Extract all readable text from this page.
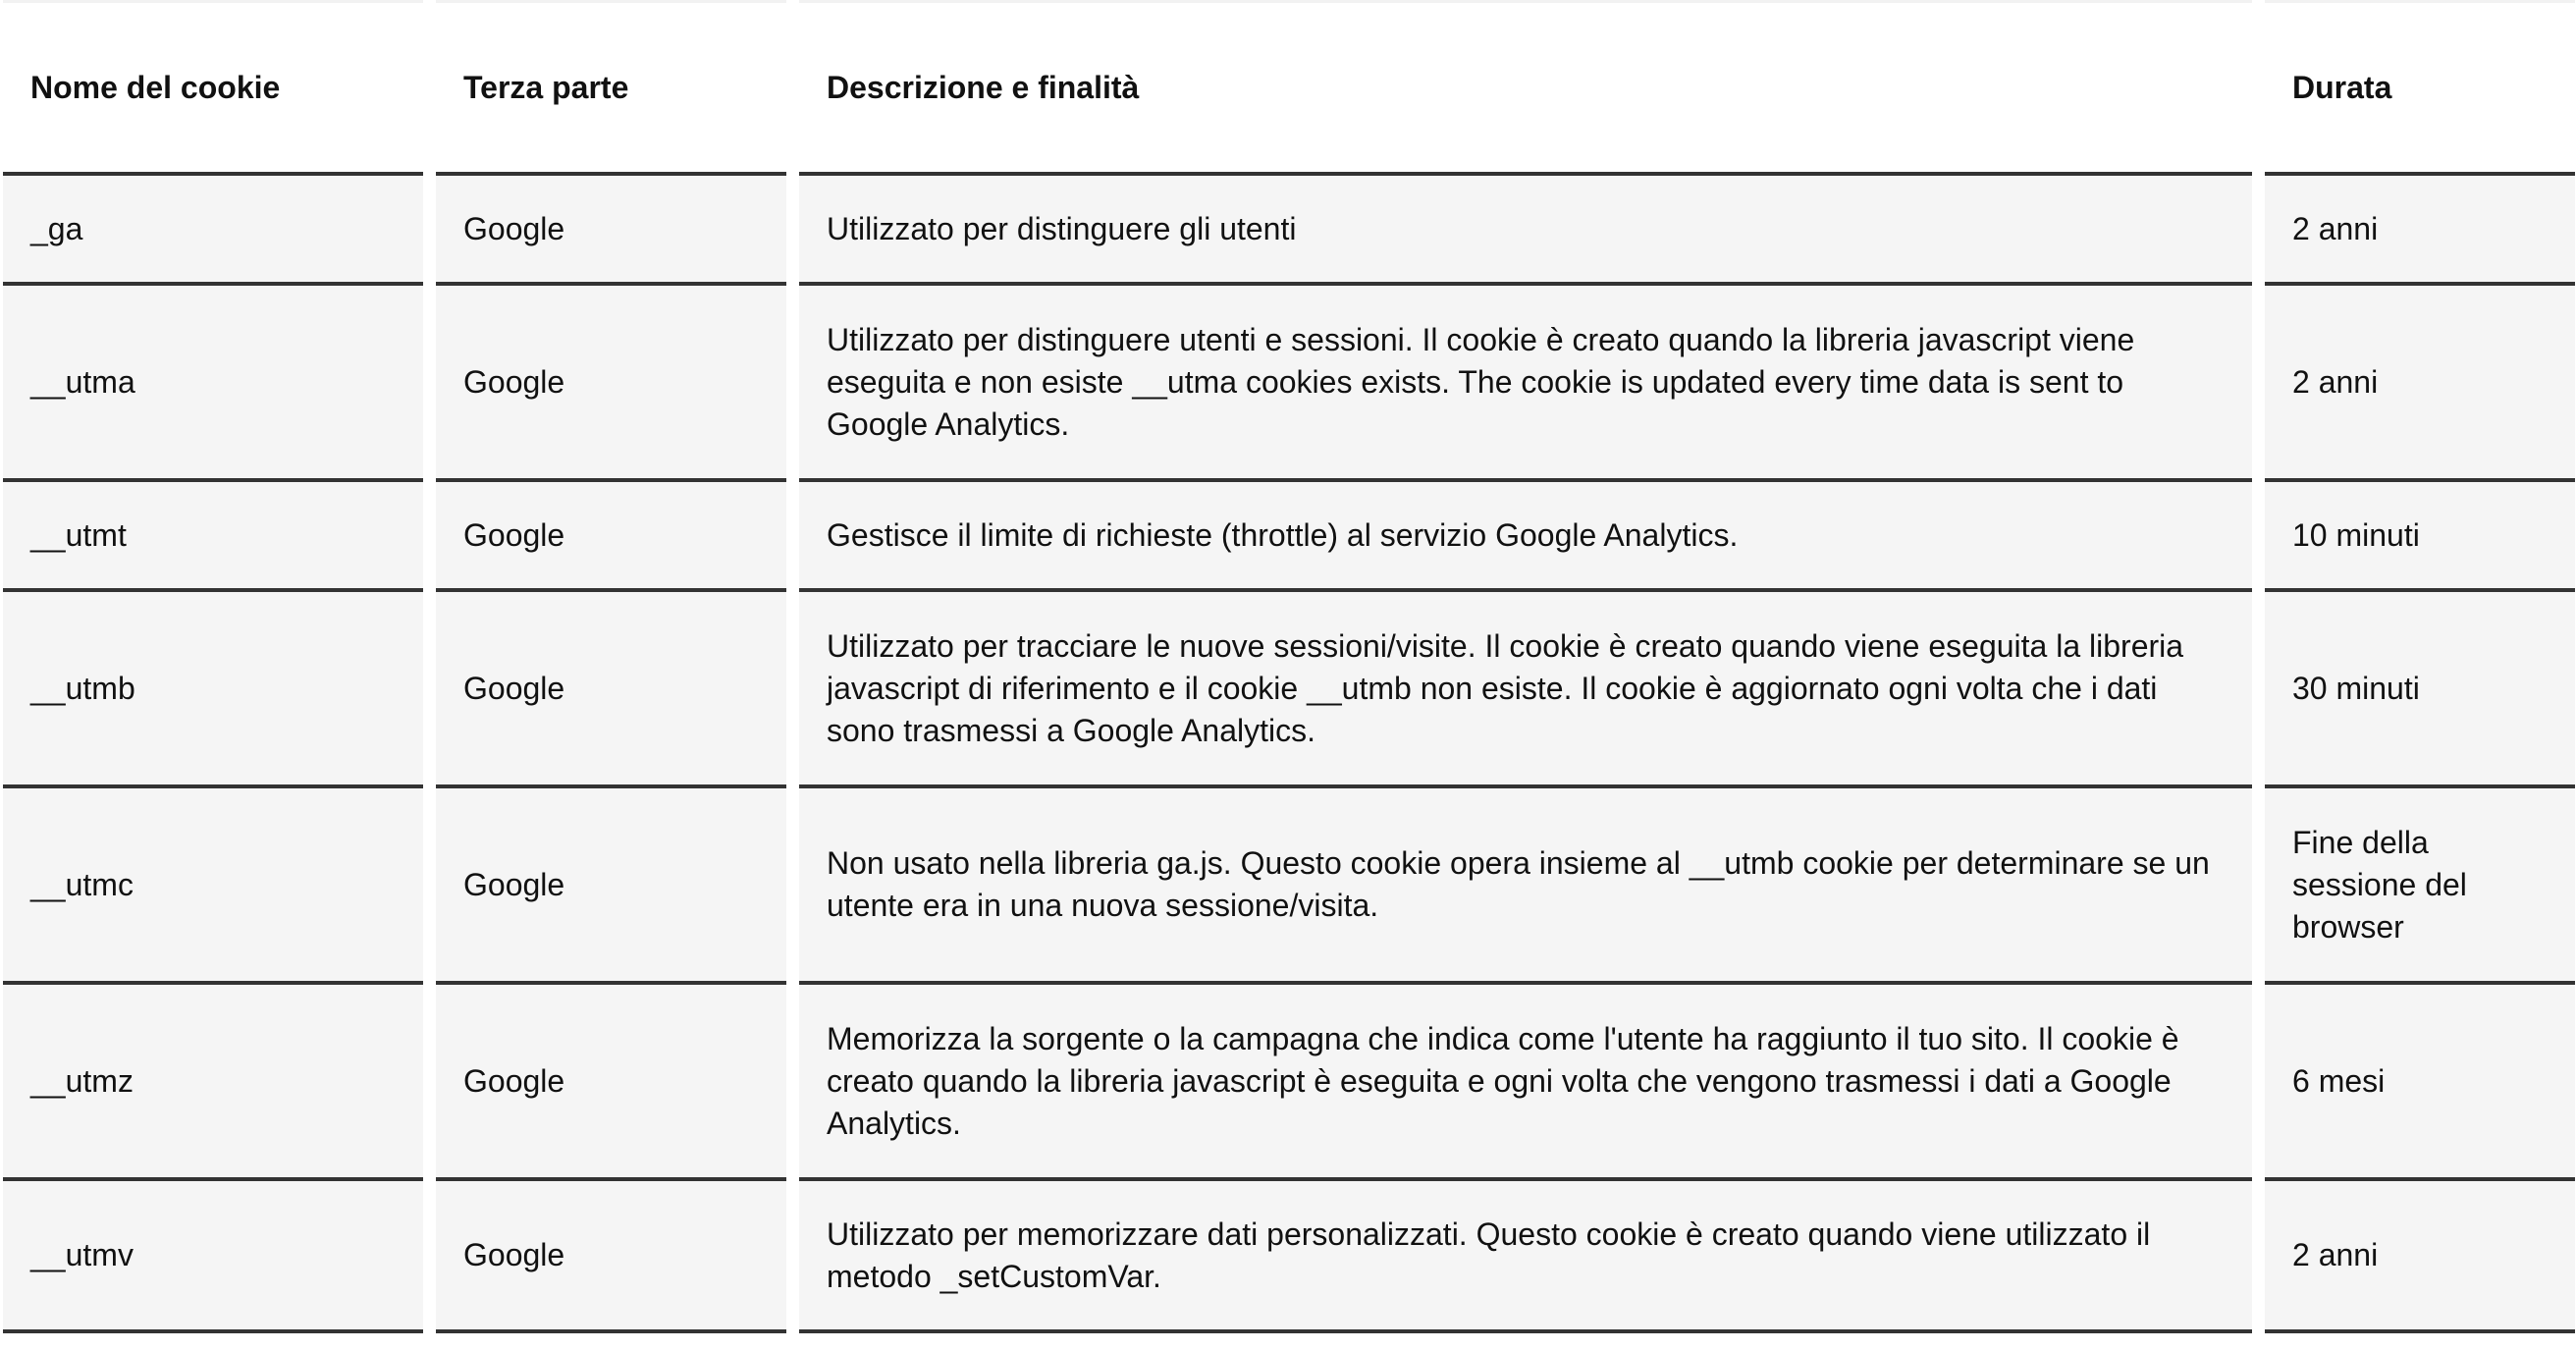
Nome del cookie	Terza parte	Descrizione e finalità	Durata
_ga	Google	Utilizzato per distinguere gli utenti	2 anni
__utma	Google	Utilizzato per distinguere utenti e sessioni. Il cookie è creato quando la libreria javascript viene eseguita e non esiste __utma cookies exists. The cookie is updated every time data is sent to Google Analytics.	2 anni
__utmt	Google	Gestisce il limite di richieste (throttle) al servizio Google Analytics.	10 minuti
__utmb	Google	Utilizzato per tracciare le nuove sessioni/visite. Il cookie è creato quando viene eseguita la libreria javascript di riferimento e il cookie __utmb non esiste. Il cookie è aggiornato ogni volta che i dati sono trasmessi a Google Analytics.	30 minuti
__utmc	Google	Non usato nella libreria ga.js. Questo cookie opera insieme al __utmb cookie per determinare se un utente era in una nuova sessione/visita.	Fine della sessione del browser
__utmz	Google	Memorizza la sorgente o la campagna che indica come l'utente ha raggiunto il tuo sito. Il cookie è creato quando la libreria javascript è eseguita e ogni volta che vengono trasmessi i dati a Google Analytics.	6 mesi
__utmv	Google	Utilizzato per memorizzare dati personalizzati. Questo cookie è creato quando viene utilizzato il metodo _setCustomVar.	2 anni
